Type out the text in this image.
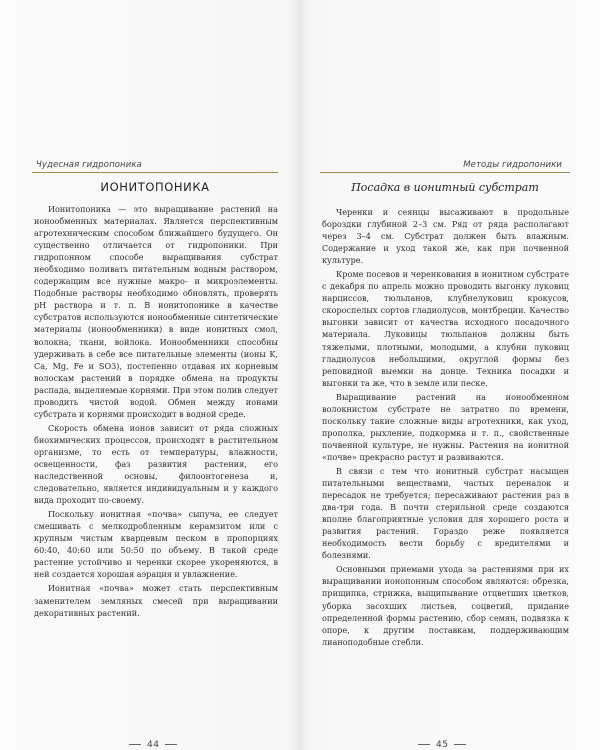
Чудесная гидропоника
ИОНИТОПОНИКА

Ионитопоника — это выращивание растений на ионообменных материалах. Является перспективным агротехническим способом ближайшего будущего. Он существенно отличается от гидропоники. При гидропонном способе выращивания субстрат необходимо поливать питательным водным раствором, содержащим все нужные макро- и микроэлементы. Подобные растворы необходимо обновлять, проверять pH раствора и т. п. В ионитопонике в качестве субстратов используются ионообменные синтетические материалы (ионообменники) в виде ионитных смол, волокна, ткани, войлока. Ионообменники способны удерживать в себе все питательные элементы (ионы K, Ca, Mg, Fe и SO3), постепенно отдавая их корневым волоскам растений в порядке обмена на продукты распада, выделяемые корнями. При этом полив следует проводить чистой водой. Обмен между ионами субстрата и корнями происходит в водной среде.

Скорость обмена ионов зависит от ряда сложных биохимических процессов, происходят в растительном организме, то есть от температуры, влажности, освещенности, фаз развития растения, его наследственной основы, филоонтогенеза и, следовательно, является индивидуальным и у каждого вида проходит по-своему.

Поскольку ионитная «почва» сыпуча, ее следует смешивать с мелкодробленным керамзитом или с крупным чистым кварцевым песком в пропорциях 60:40, 40:60 или 50:50 по объему. В такой среде растение устойчиво и черенки скорее укореняются, в ней создается хорошая аэрация и увлажнение.

Ионитная «почва» может стать перспективным заменителем земляных смесей при выращивании декоративных растений.

44
Методы гидропоники
Посадка в ионитный субстрат

Черенки и сеянцы высаживают в продольные бороздки глубиной 2–3 см. Ряд от ряда располагают через 3–4 см. Субстрат должен быть влажным. Содержание и уход такой же, как при почвенной культуре.

Кроме посевов и черенкования в ионитном субстрате с декабря по апрель можно проводить выгонку луковиц нарциссов, тюльпанов, клубнелуковиц крокусов, скороспелых сортов гладиолусов, монтбреции. Качество выгонки зависит от качества исходного посадочного материала. Луковицы тюльпанов должны быть тяжелыми, плотными, молодыми, а клубни луковиц гладиолусов небольшими, округлой формы без реповидной выемки на донце. Техника посадки и выгонки та же, что в земле или песке.

Выращивание растений на ионообменном волокнистом субстрате не затратно по времени, поскольку такие сложные виды агротехники, как уход, прополка, рыхление, подкормка и т. п., свойственные почвенной культуре, не нужны. Растения на ионитной «почве» прекрасно растут и развиваются.

В связи с тем что ионитный субстрат насыщен питательными веществами, частых переналок и пересадок не требуется; пересаживают растения раз в два-три года. В почти стерильной среде создаются вполне благоприятные условия для хорошего роста и развития растений. Гораздо реже появляется необходимость вести борьбу с вредителями и болезнями.

Основными приемами ухода за растениями при их выращивании ионопонным способом являются: обрезка, прищипка, стрижка, выщипывание отцветших цветков, уборка засохших листьев, соцветий, придание определенной формы растению, сбор семян, подвязка к опоре, к другим поставкам, поддерживающим лианоподобные стебли.

45
